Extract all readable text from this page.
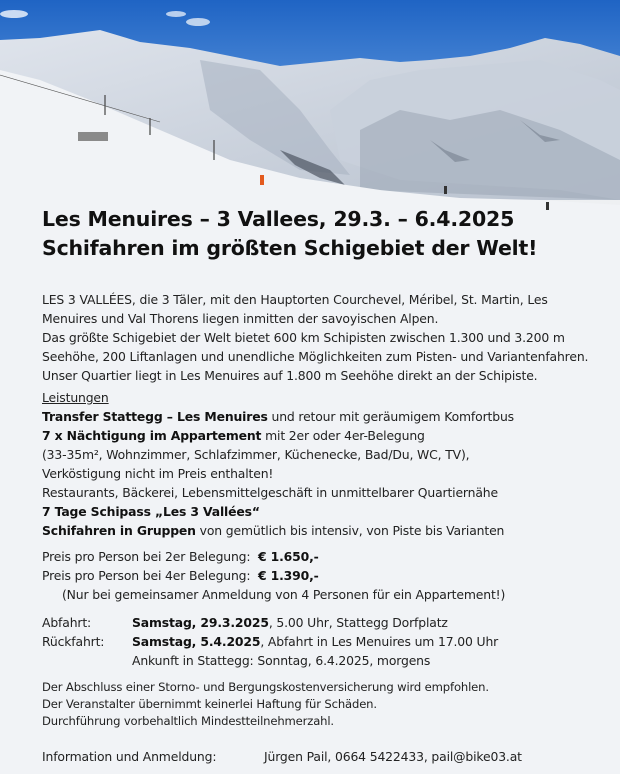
Les Menuires – 3 Vallees, 29.3. – 6.4.2025
Schifahren im größten Schigebiet der Welt!
LES 3 VALLÉES, die 3 Täler, mit den Hauptorten Courchevel, Méribel, St. Martin, Les
Menuires und Val Thorens liegen inmitten der savoyischen Alpen.
Das größte Schigebiet der Welt bietet 600 km Schipisten zwischen 1.300 und 3.200 m
Seehöhe, 200 Liftanlagen und unendliche Möglichkeiten zum Pisten- und Variantenfahren.
Unser Quartier liegt in Les Menuires auf 1.800 m Seehöhe direkt an der Schipiste.
Leistungen
Transfer Stattegg – Les Menuires und retour mit geräumigem Komfortbus
7 x Nächtigung im Appartement mit 2er oder 4er-Belegung
(33-35m², Wohnzimmer, Schlafzimmer, Küchenecke, Bad/Du, WC, TV),
Verköstigung nicht im Preis enthalten!
Restaurants, Bäckerei, Lebensmittelgeschäft in unmittelbarer Quartiernähe
7 Tage Schipass „Les 3 Vallées“
Schifahren in Gruppen von gemütlich bis intensiv, von Piste bis Varianten
Preis pro Person bei 2er Belegung:  € 1.650,-
Preis pro Person bei 4er Belegung:  € 1.390,-
(Nur bei gemeinsamer Anmeldung von 4 Personen für ein Appartement!)
Abfahrt:	Samstag, 29.3.2025, 5.00 Uhr, Stattegg Dorfplatz
Rückfahrt:	Samstag, 5.4.2025, Abfahrt in Les Menuires um 17.00 Uhr
Ankunft in Stattegg: Sonntag, 6.4.2025, morgens
Der Abschluss einer Storno- und Bergungskostenversicherung wird empfohlen.
Der Veranstalter übernimmt keinerlei Haftung für Schäden.
Durchführung vorbehaltlich Mindestteilnehmerzahl.
Information und Anmeldung:	Jürgen Pail, 0664 5422433, pail@bike03.at
